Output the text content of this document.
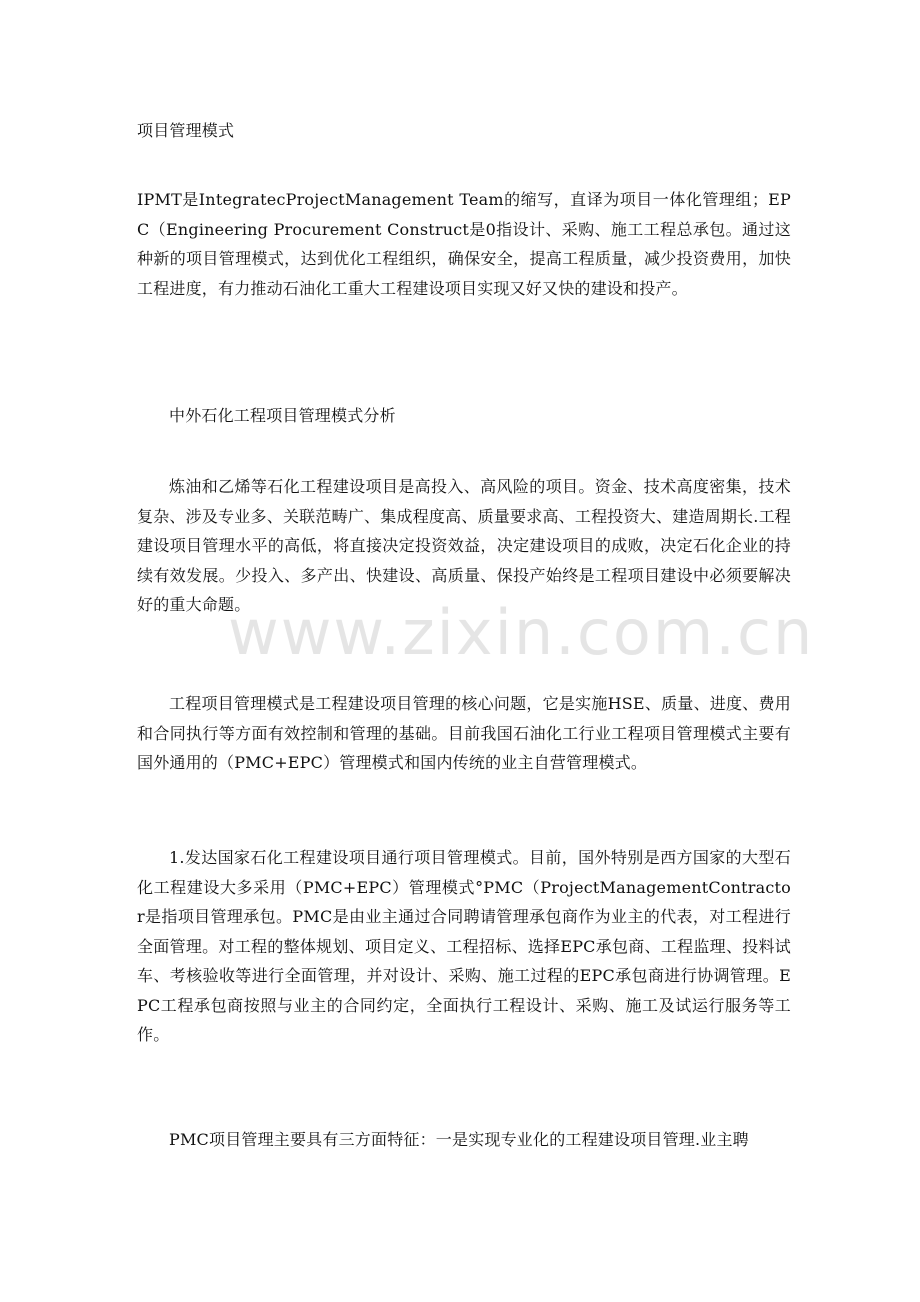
项目管理模式
IPMT是IntegratecProjectManagement Team的缩写，直译为项目一体化管理组；EPC（Engineering Procurement Construct是0指设计、采购、施工工程总承包。通过这种新的项目管理模式，达到优化工程组织，确保安全，提高工程质量，减少投资费用，加快工程进度，有力推动石油化工重大工程建设项目实现又好又快的建设和投产。
中外石化工程项目管理模式分析
炼油和乙烯等石化工程建设项目是高投入、高风险的项目。资金、技术高度密集，技术复杂、涉及专业多、关联范畴广、集成程度高、质量要求高、工程投资大、建造周期长.工程建设项目管理水平的高低，将直接决定投资效益，决定建设项目的成败，决定石化企业的持续有效发展。少投入、多产出、快建设、高质量、保投产始终是工程项目建设中必须要解决好的重大命题。
工程项目管理模式是工程建设项目管理的核心问题，它是实施HSE、质量、进度、费用和合同执行等方面有效控制和管理的基础。目前我国石油化工行业工程项目管理模式主要有国外通用的（PMC+EPC）管理模式和国内传统的业主自营管理模式。
1.发达国家石化工程建设项目通行项目管理模式。目前，国外特别是西方国家的大型石化工程建设大多采用（PMC+EPC）管理模式°PMC（ProjectManagementContractor是指项目管理承包。PMC是由业主通过合同聘请管理承包商作为业主的代表，对工程进行全面管理。对工程的整体规划、项目定义、工程招标、选择EPC承包商、工程监理、投料试车、考核验收等进行全面管理，并对设计、采购、施工过程的EPC承包商进行协调管理。EPC工程承包商按照与业主的合同约定，全面执行工程设计、采购、施工及试运行服务等工作。
PMC项目管理主要具有三方面特征：一是实现专业化的工程建设项目管理.业主聘
www.zixin.com.cn
